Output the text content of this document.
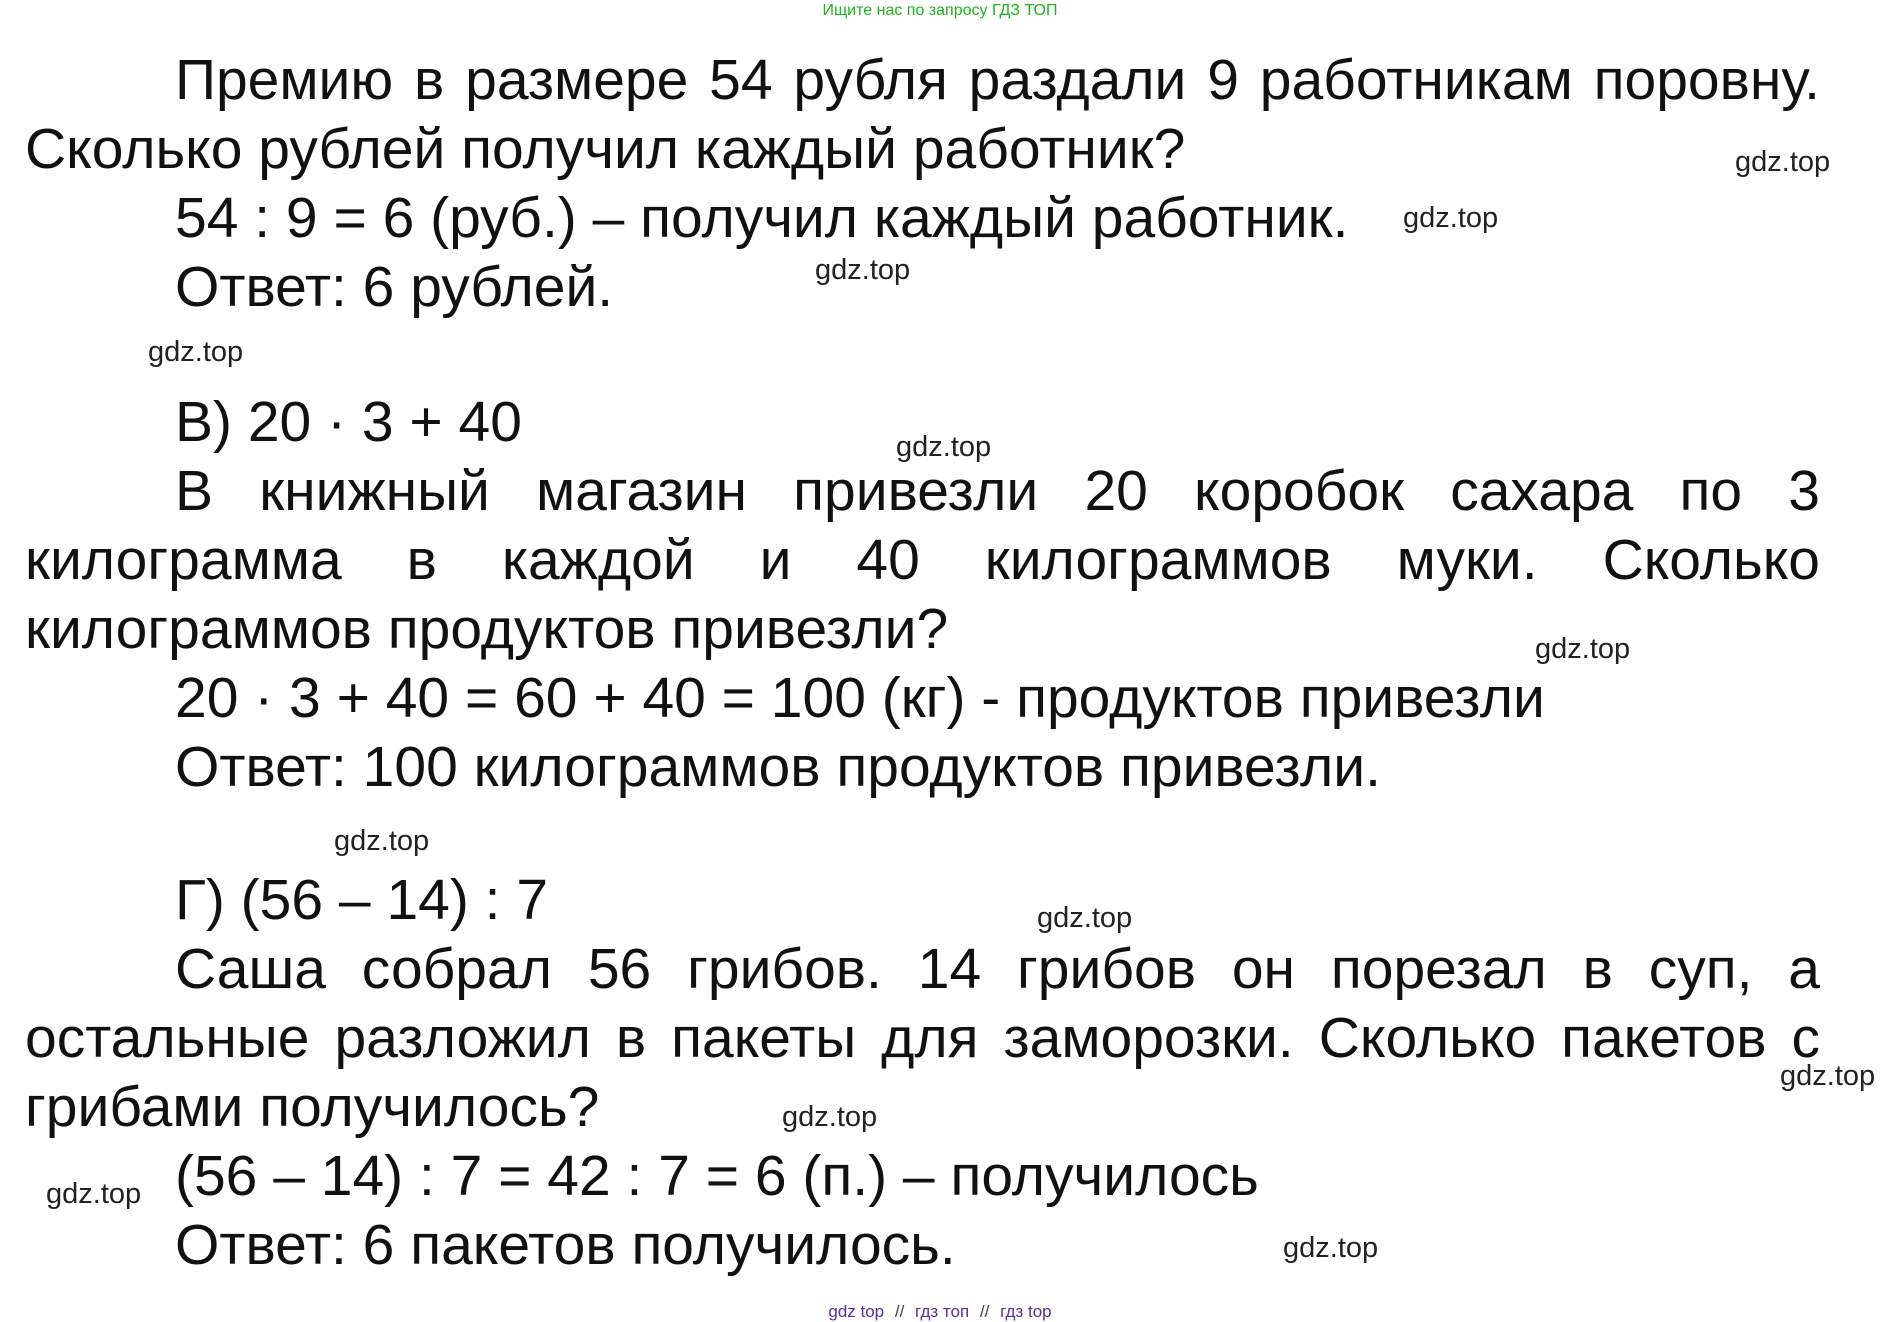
Ищите нас по запросу ГДЗ ТОП

Премию в размере 54 рубля раздали 9 работникам поровну. Сколько рублей получил каждый работник?

54 : 9 = 6 (руб.) – получил каждый работник.

Ответ: 6 рублей.

В) 20 · 3 + 40

В книжный магазин привезли 20 коробок сахара по 3 килограмма в каждой и 40 килограммов муки. Сколько килограммов продуктов привезли?

20 · 3 + 40 = 60 + 40 = 100 (кг) - продуктов привезли

Ответ: 100 килограммов продуктов привезли.

Г) (56 – 14) : 7

Саша собрал 56 грибов. 14 грибов он порезал в суп, а остальные разложил в пакеты для заморозки. Сколько пакетов с грибами получилось?

(56 – 14) : 7 = 42 : 7 = 6 (п.) – получилось

Ответ: 6 пакетов получилось.

gdz.top
gdz.top
gdz.top
gdz.top
gdz.top
gdz.top
gdz.top
gdz.top
gdz.top
gdz.top
gdz.top
gdz.top
gdz top // гдз топ // гдз top
